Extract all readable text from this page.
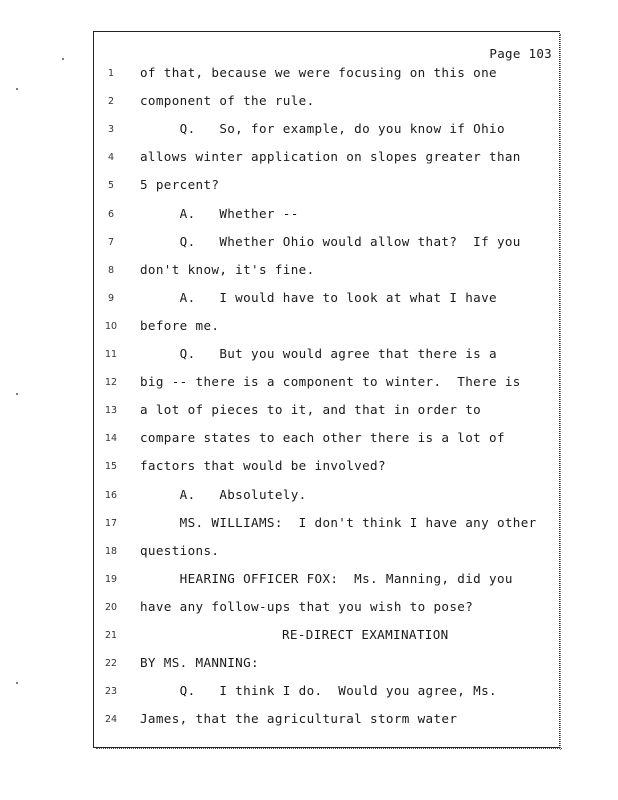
Page 103
1	of that, because we were focusing on this one
2	component of the rule.
3	Q.   So, for example, do you know if Ohio
4	allows winter application on slopes greater than
5	5 percent?
6	A.   Whether --
7	Q.   Whether Ohio would allow that?  If you
8	don't know, it's fine.
9	A.   I would have to look at what I have
10	before me.
11	Q.   But you would agree that there is a
12	big -- there is a component to winter.  There is
13	a lot of pieces to it, and that in order to
14	compare states to each other there is a lot of
15	factors that would be involved?
16	A.   Absolutely.
17	MS. WILLIAMS:  I don't think I have any other
18	questions.
19	HEARING OFFICER FOX:  Ms. Manning, did you
20	have any follow-ups that you wish to pose?
21	RE-DIRECT EXAMINATION
22	BY MS. MANNING:
23	Q.   I think I do.  Would you agree, Ms.
24	James, that the agricultural storm water
